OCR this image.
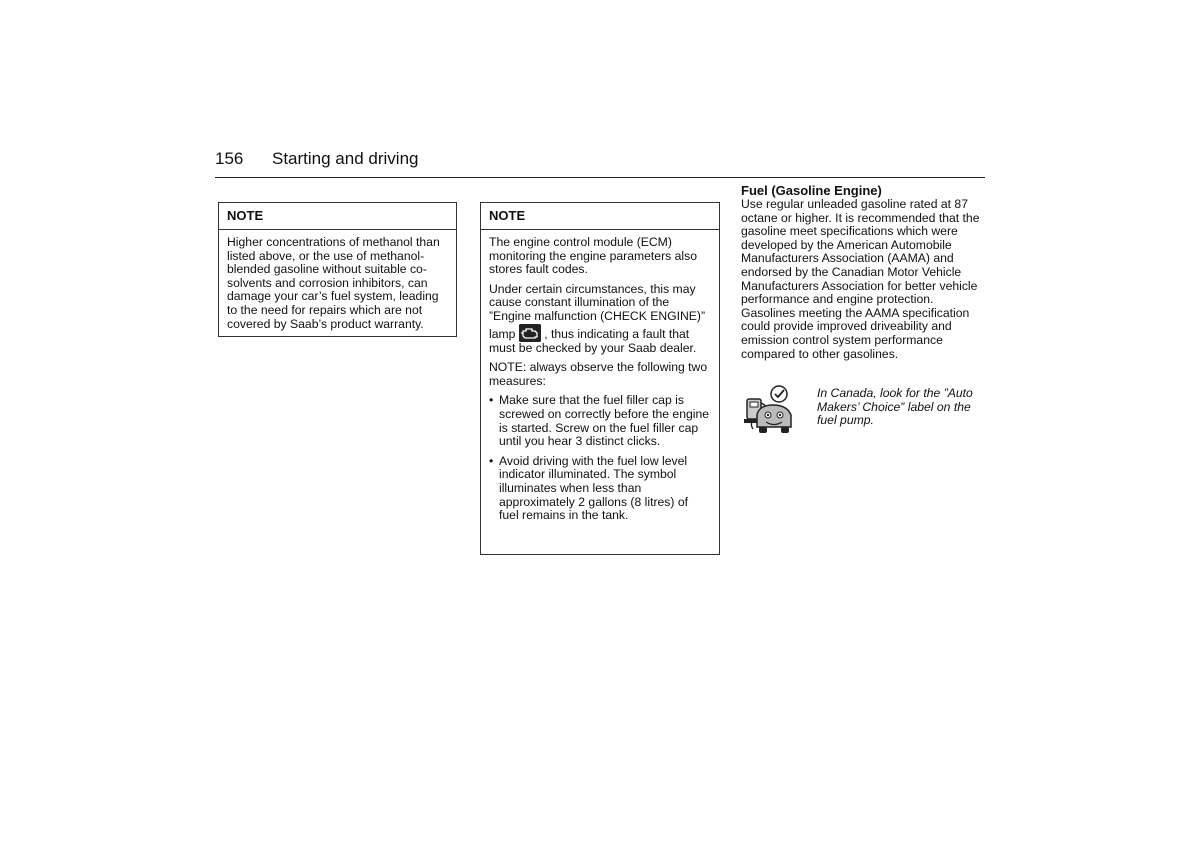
156 Starting and driving
NOTE

Higher concentrations of methanol than listed above, or the use of methanol-blended gasoline without suitable co-solvents and corrosion inhibitors, can damage your car’s fuel system, leading to the need for repairs which are not covered by Saab’s product warranty.

NOTE

The engine control module (ECM) monitoring the engine parameters also stores fault codes.

Under certain circumstances, this may cause constant illumination of the ”Engine malfunction (CHECK ENGINE)” lamp , thus indicating a fault that must be checked by your Saab dealer.

NOTE: always observe the following two measures:

• Make sure that the fuel filler cap is screwed on correctly before the engine is started. Screw on the fuel filler cap until you hear 3 distinct clicks.
• Avoid driving with the fuel low level indicator illuminated. The symbol illuminates when less than approximately 2 gallons (8 litres) of fuel remains in the tank.
Fuel (Gasoline Engine)

Use regular unleaded gasoline rated at 87 octane or higher. It is recommended that the gasoline meet specifications which were developed by the American Automobile Manufacturers Association (AAMA) and endorsed by the Canadian Motor Vehicle Manufacturers Association for better vehicle performance and engine protection. Gasolines meeting the AAMA specification could provide improved driveability and emission control system performance compared to other gasolines.

In Canada, look for the ”Auto Makers’ Choice” label on the fuel pump.
